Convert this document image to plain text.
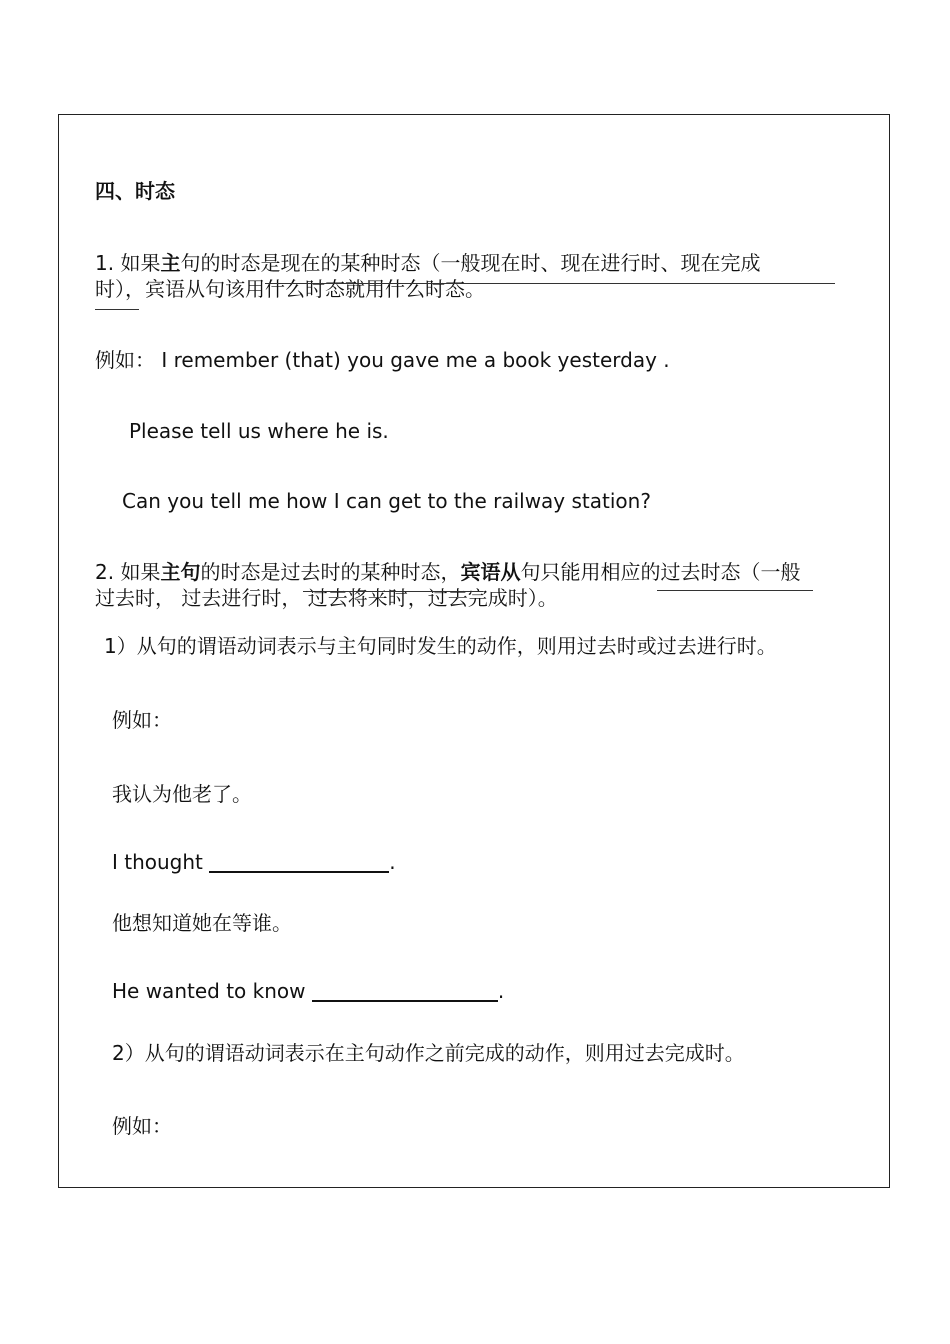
四、时态
1. 如果主句的时态是现在的某种时态（一般现在时、现在进行时、现在完成
时），宾语从句该用什么时态就用什么时态。
例如： I remember (that) you gave me a book yesterday .
Please tell us where he is.
Can you tell me how I can get to the railway station?
2. 如果主句的时态是过去时的某种时态，宾语从句只能用相应的过去时态（一般
过去时， 过去进行时， 过去将来时，过去完成时）。
1）从句的谓语动词表示与主句同时发生的动作，则用过去时或过去进行时。
例如：
我认为他老了。
I thought	.
他想知道她在等谁。
He wanted to know	.
2）从句的谓语动词表示在主句动作之前完成的动作，则用过去完成时。
例如：
